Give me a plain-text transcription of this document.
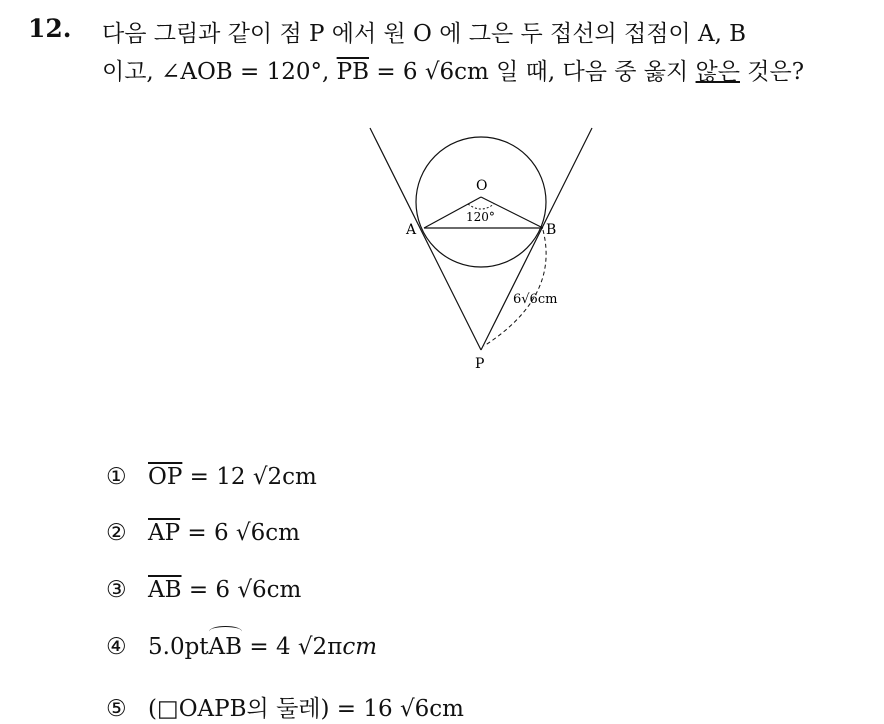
12. 다음 그림과 같이 점 P 에서 원 O 에 그은 두 접선의 접점이 A, B
이고, ∠AOB = 120°, $\overline{PB} = 6$ √6cm 일 때, 다음 중 옳지 않은 것은?
O
A	B
P
120°
6√6cm
① $\overline{OP} = 12$ √2cm
② $\overline{AP} = 6$ √6cm
③ $\overline{AB} = 6$ √6cm
④ 5.0pt
AB = 4 √2πcm
⑤ (□OAPB의 둘레) = 16 √6cm
